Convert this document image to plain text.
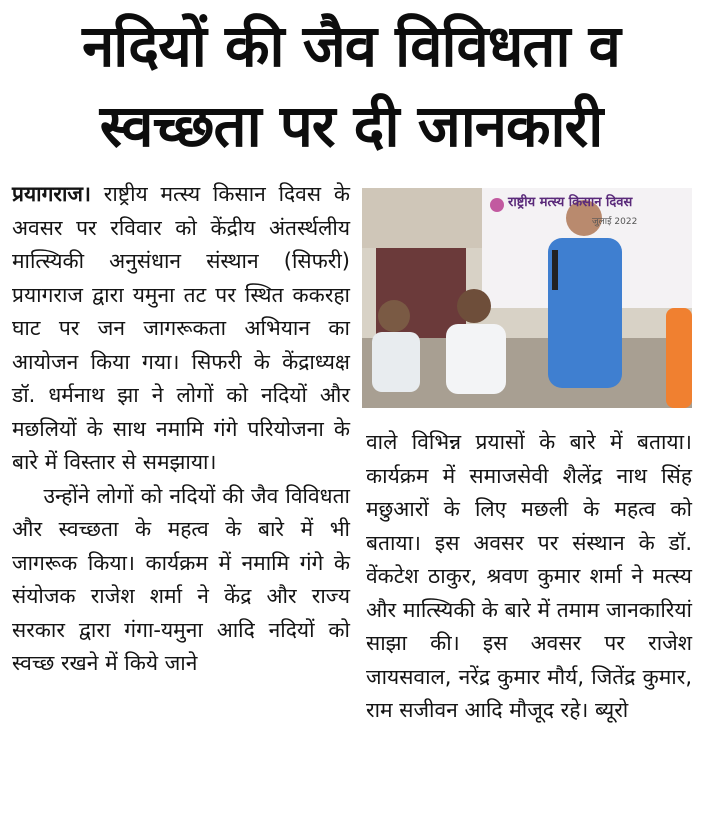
नदियों की जैव विविधता व
स्वच्छता पर दी जानकारी

प्रयागराज। राष्ट्रीय मत्स्य किसान दिवस के अवसर पर रविवार को केंद्रीय अंतर्स्थलीय मात्स्यिकी अनुसंधान संस्थान (सिफरी) प्रयागराज द्वारा यमुना तट पर स्थित ककरहा घाट पर जन जागरूकता अभियान का आयोजन किया गया। सिफरी के केंद्राध्यक्ष डॉ. धर्मनाथ झा ने लोगों को नदियों और मछलियों के साथ नमामि गंगे परियोजना के बारे में विस्तार से समझाया।

उन्होंने लोगों को नदियों की जैव विविधता और स्वच्छता के महत्व के बारे में भी जागरूक किया। कार्यक्रम में नमामि गंगे के संयोजक राजेश शर्मा ने केंद्र और राज्य सरकार द्वारा गंगा-यमुना आदि नदियों को स्वच्छ रखने में किये जाने

राष्ट्रीय मत्स्य किसान दिवस
जुलाई 2022

वाले विभिन्न प्रयासों के बारे में बताया। कार्यक्रम में समाजसेवी शैलेंद्र नाथ सिंह मछुआरों के लिए मछली के महत्व को बताया। इस अवसर पर संस्थान के डॉ. वेंकटेश ठाकुर, श्रवण कुमार शर्मा ने मत्स्य और मात्स्यिकी के बारे में तमाम जानकारियां साझा की। इस अवसर पर राजेश जायसवाल, नरेंद्र कुमार मौर्य, जितेंद्र कुमार, राम सजीवन आदि मौजूद रहे। ब्यूरो
